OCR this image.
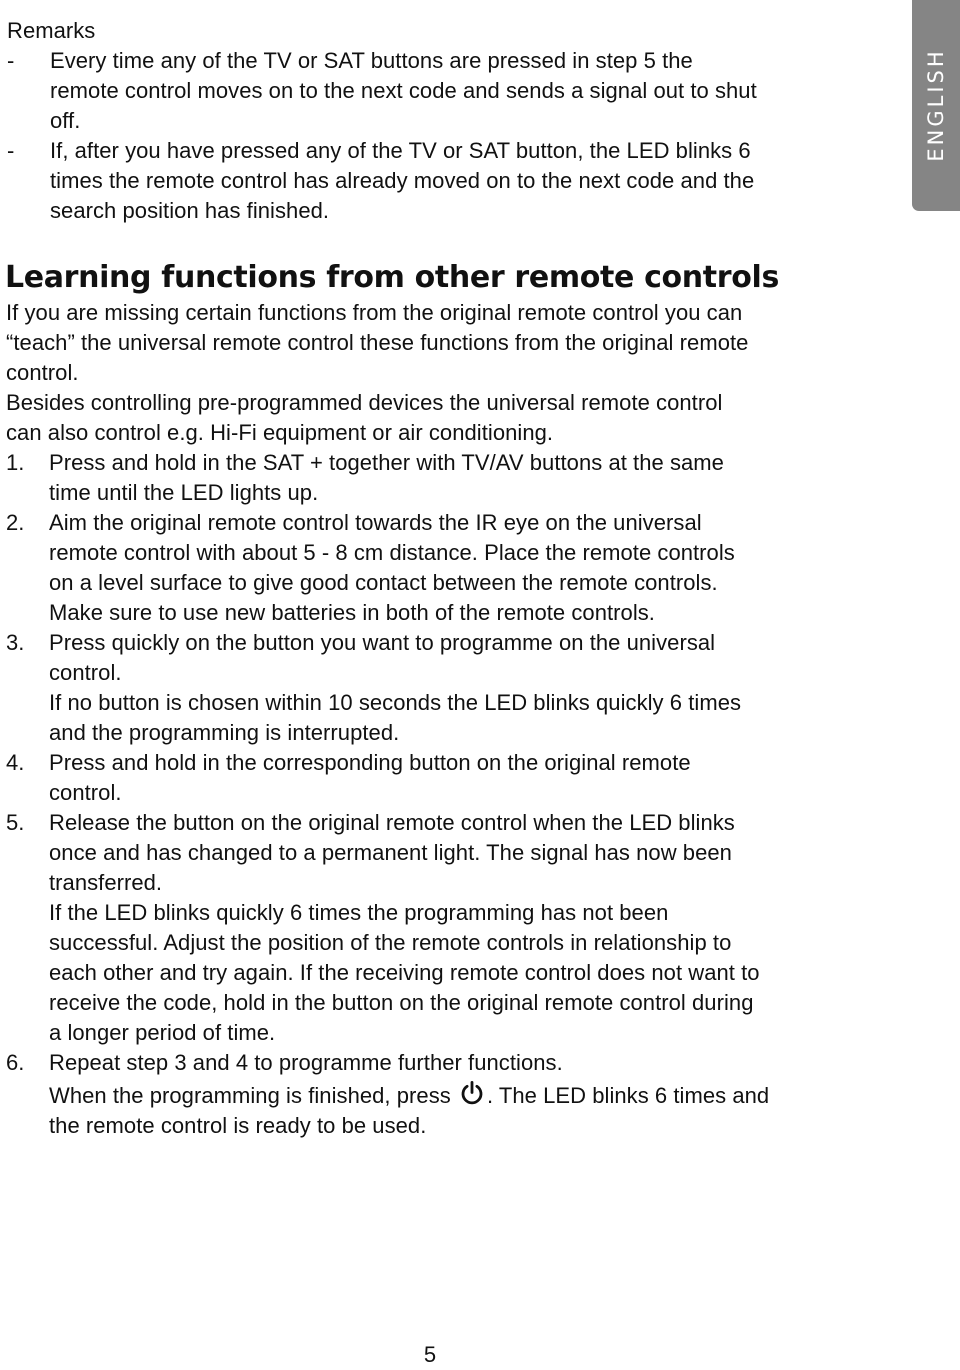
Remarks
-	Every time any of the TV or SAT buttons are pressed in step 5 the
remote control moves on to the next code and sends a signal out to shut
off.
-	If, after you have pressed any of the TV or SAT button, the LED blinks 6
times the remote control has already moved on to the next code and the
search position has finished.
ENGLISH
Learning functions from other remote controls
If you are missing certain functions from the original remote control you can
“teach” the universal remote control these functions from the original remote
control.
Besides controlling pre-programmed devices the universal remote control
can also control e.g. Hi-Fi equipment or air conditioning.
1.	Press and hold in the SAT + together with TV/AV buttons at the same
time until the LED lights up.
2.	Aim the original remote control towards the IR eye on the universal
remote control with about 5 - 8 cm distance. Place the remote controls
on a level surface to give good contact between the remote controls.
Make sure to use new batteries in both of the remote controls.
3.	Press quickly on the button you want to programme on the universal
control.
If no button is chosen within 10 seconds the LED blinks quickly 6 times
and the programming is interrupted.
4.	Press and hold in the corresponding button on the original remote
control.
5.	Release the button on the original remote control when the LED blinks
once and has changed to a permanent light. The signal has now been
transferred.
If the LED blinks quickly 6 times the programming has not been
successful. Adjust the position of the remote controls in relationship to
each other and try again. If the receiving remote control does not want to
receive the code, hold in the button on the original remote control during
a longer period of time.
6.	Repeat step 3 and 4 to programme further functions.
When the programming is finished, press
. The LED blinks 6 times and
the remote control is ready to be used.
5
